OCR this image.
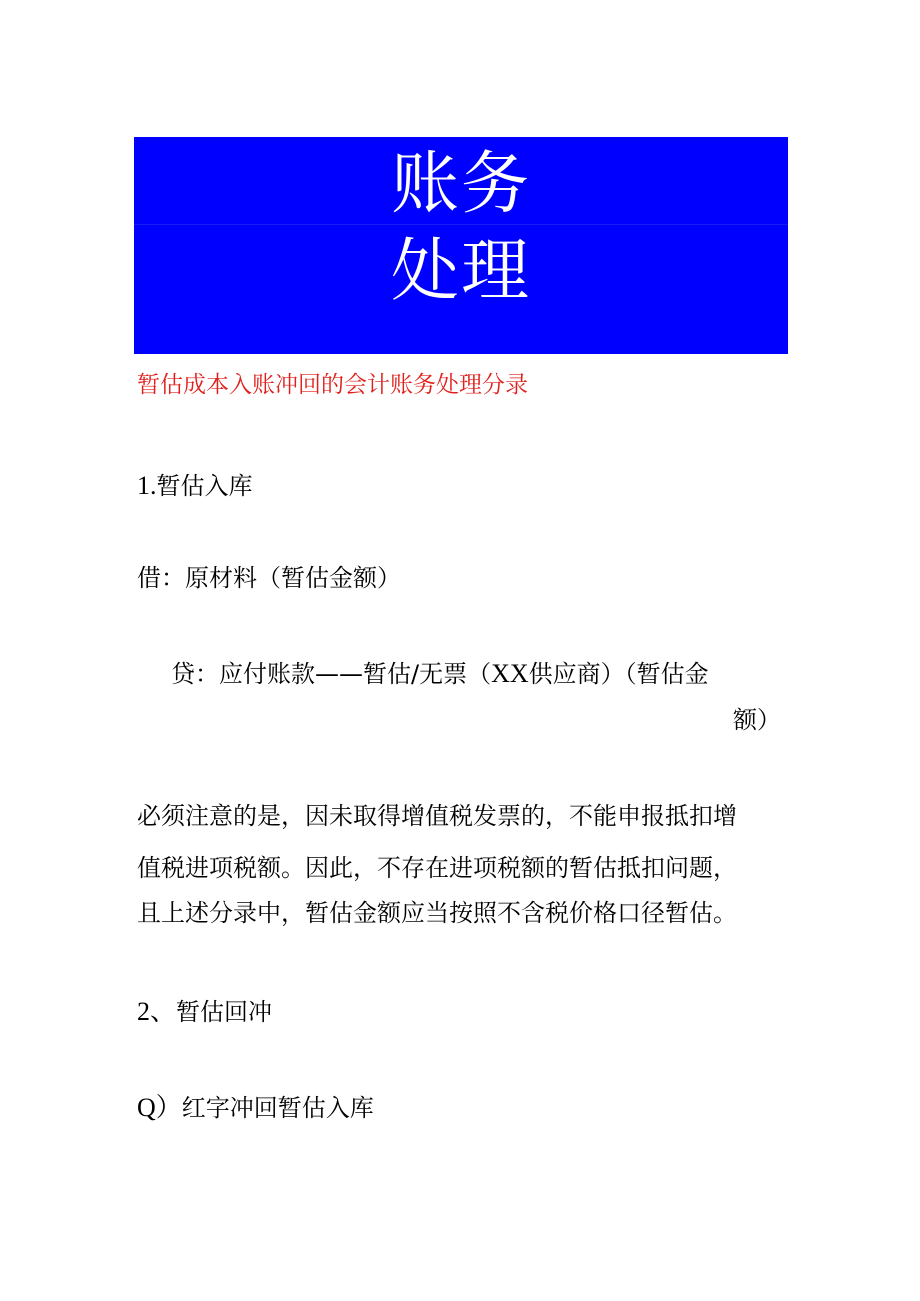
账务
处理
暂估成本入账冲回的会计账务处理分录
1.暂估入库
借：原材料（暂估金额）
贷：应付账款——暂估/无票（XX供应商）（暂估金
额）
必须注意的是，因未取得增值税发票的，不能申报抵扣增
值税进项税额。因此，不存在进项税额的暂估抵扣问题，
且上述分录中，暂估金额应当按照不含税价格口径暂估。
2、暂估回冲
Q）红字冲回暂估入库
